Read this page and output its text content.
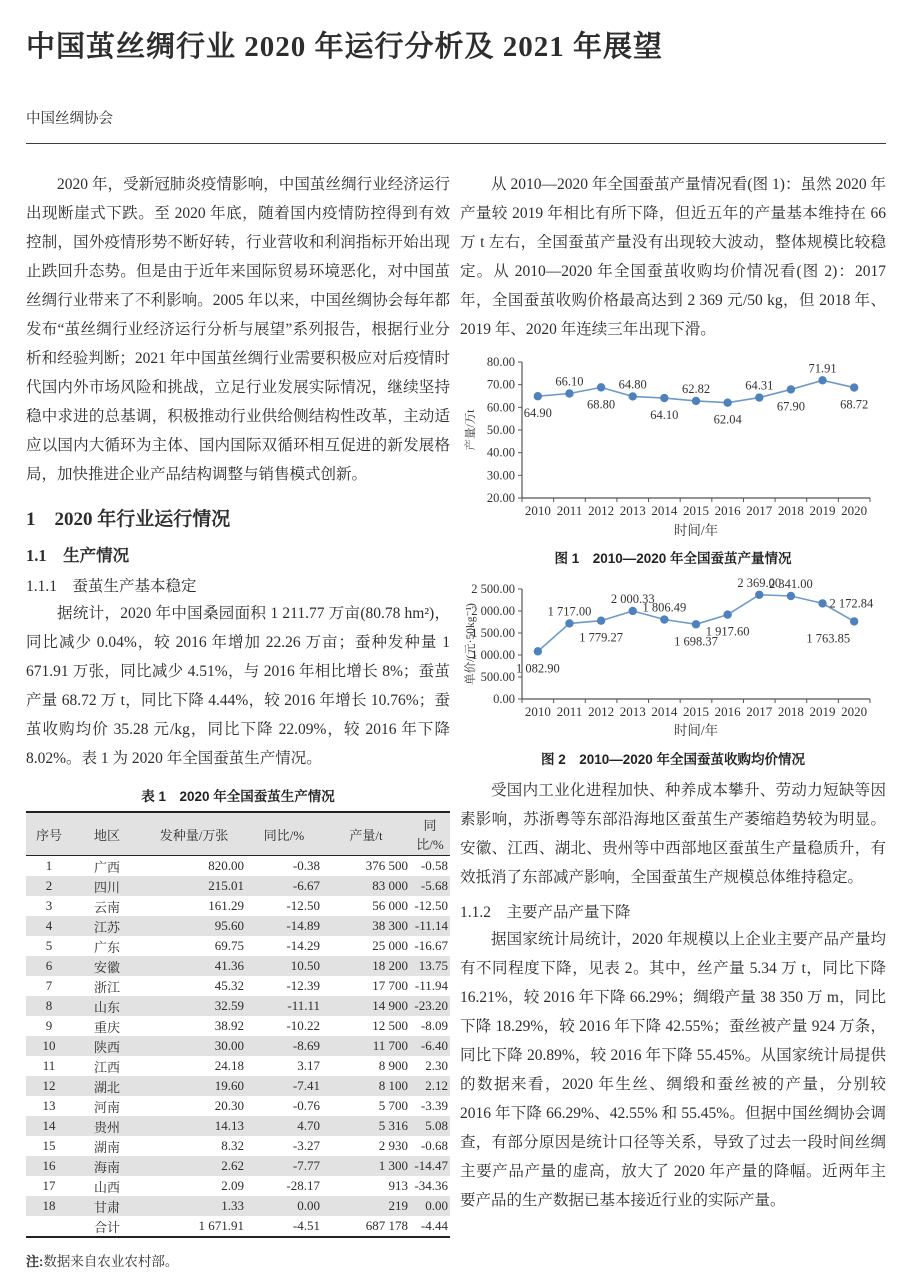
中国茧丝绸行业 2020 年运行分析及 2021 年展望
中国丝绸协会

2020 年，受新冠肺炎疫情影响，中国茧丝绸行业经济运行出现断崖式下跌。至 2020 年底，随着国内疫情防控得到有效控制，国外疫情形势不断好转，行业营收和利润指标开始出现止跌回升态势。但是由于近年来国际贸易环境恶化，对中国茧丝绸行业带来了不利影响。2005 年以来，中国丝绸协会每年都发布“茧丝绸行业经济运行分析与展望”系列报告，根据行业分析和经验判断；2021 年中国茧丝绸行业需要积极应对后疫情时代国内外市场风险和挑战，立足行业发展实际情况，继续坚持稳中求进的总基调，积极推动行业供给侧结构性改革，主动适应以国内大循环为主体、国内国际双循环相互促进的新发展格局，加快推进企业产品结构调整与销售模式创新。

1　2020 年行业运行情况
1.1　生产情况
1.1.1　蚕茧生产基本稳定

据统计，2020 年中国桑园面积 1 211.77 万亩(80.78 hm²)，同比减少 0.04%，较 2016 年增加 22.26 万亩；蚕种发种量 1 671.91 万张，同比减少 4.51%，与 2016 年相比增长 8%；蚕茧产量 68.72 万 t，同比下降 4.44%，较 2016 年增长 10.76%；蚕茧收购均价 35.28 元/kg，同比下降 22.09%，较 2016 年下降 8.02%。表 1 为 2020 年全国蚕茧生产情况。

表 1　2020 年全国蚕茧生产情况
序号	地区	发种量/万张	同比/%	产量/t	同比/%
1	广西	820.00	-0.38	376 500	-0.58
2	四川	215.01	-6.67	83 000	-5.68
3	云南	161.29	-12.50	56 000	-12.50
4	江苏	95.60	-14.89	38 300	-11.14
5	广东	69.75	-14.29	25 000	-16.67
6	安徽	41.36	10.50	18 200	13.75
7	浙江	45.32	-12.39	17 700	-11.94
8	山东	32.59	-11.11	14 900	-23.20
9	重庆	38.92	-10.22	12 500	-8.09
10	陕西	30.00	-8.69	11 700	-6.40
11	江西	24.18	3.17	8 900	2.30
12	湖北	19.60	-7.41	8 100	2.12
13	河南	20.30	-0.76	5 700	-3.39
14	贵州	14.13	4.70	5 316	5.08
15	湖南	8.32	-3.27	2 930	-0.68
16	海南	2.62	-7.77	1 300	-14.47
17	山西	2.09	-28.17	913	-34.36
18	甘肃	1.33	0.00	219	0.00
	合计	1 671.91	-4.51	687 178	-4.44
注:数据来自农业农村部。

从 2010—2020 年全国蚕茧产量情况看(图 1)：虽然 2020 年产量较 2019 年相比有所下降，但近五年的产量基本维持在 66 万 t 左右，全国蚕茧产量没有出现较大波动，整体规模比较稳定。从 2010—2020 年全国蚕茧收购均价情况看(图 2)：2017 年，全国蚕茧收购价格最高达到 2 369 元/50 kg，但 2018 年、2019 年、2020 年连续三年出现下滑。

80.00
70.00
60.00
50.00
40.00
30.00
20.00
64.90
66.10
68.80
64.80
64.10
62.82
62.04
64.31
67.90
71.91
68.72
2010 2011 2012 2013 2014 2015 2016 2017 2018 2019 2020
时间/年
产量/万t
图 1　2010—2020 年全国蚕茧产量情况
2 500.00
2 000.00
1 500.00
1 000.00
500.00
0.00
1 082.90
1 717.00
1 779.27
2 000.33
1 806.49
1 698.37
1 917.60
2 369.00
2 341.00
2 172.84
1 763.85
2010 2011 2012 2013 2014 2015 2016 2017 2018 2019 2020
时间/年
单价/(元·50kg⁻¹)
图 2　2010—2020 年全国蚕茧收购均价情况

受国内工业化进程加快、种养成本攀升、劳动力短缺等因素影响，苏浙粤等东部沿海地区蚕茧生产萎缩趋势较为明显。安徽、江西、湖北、贵州等中西部地区蚕茧生产量稳质升，有效抵消了东部减产影响，全国蚕茧生产规模总体维持稳定。

1.1.2　主要产品产量下降

据国家统计局统计，2020 年规模以上企业主要产品产量均有不同程度下降，见表 2。其中，丝产量 5.34 万 t，同比下降 16.21%，较 2016 年下降 66.29%；绸缎产量 38 350 万 m，同比下降 18.29%，较 2016 年下降 42.55%；蚕丝被产量 924 万条，同比下降 20.89%，较 2016 年下降 55.45%。从国家统计局提供的数据来看，2020 年生丝、绸缎和蚕丝被的产量，分别较 2016 年下降 66.29%、42.55% 和 55.45%。但据中国丝绸协会调查，有部分原因是统计口径等关系，导致了过去一段时间丝绸主要产品产量的虚高，放大了 2020 年产量的降幅。近两年主要产品的生产数据已基本接近行业的实际产量。
